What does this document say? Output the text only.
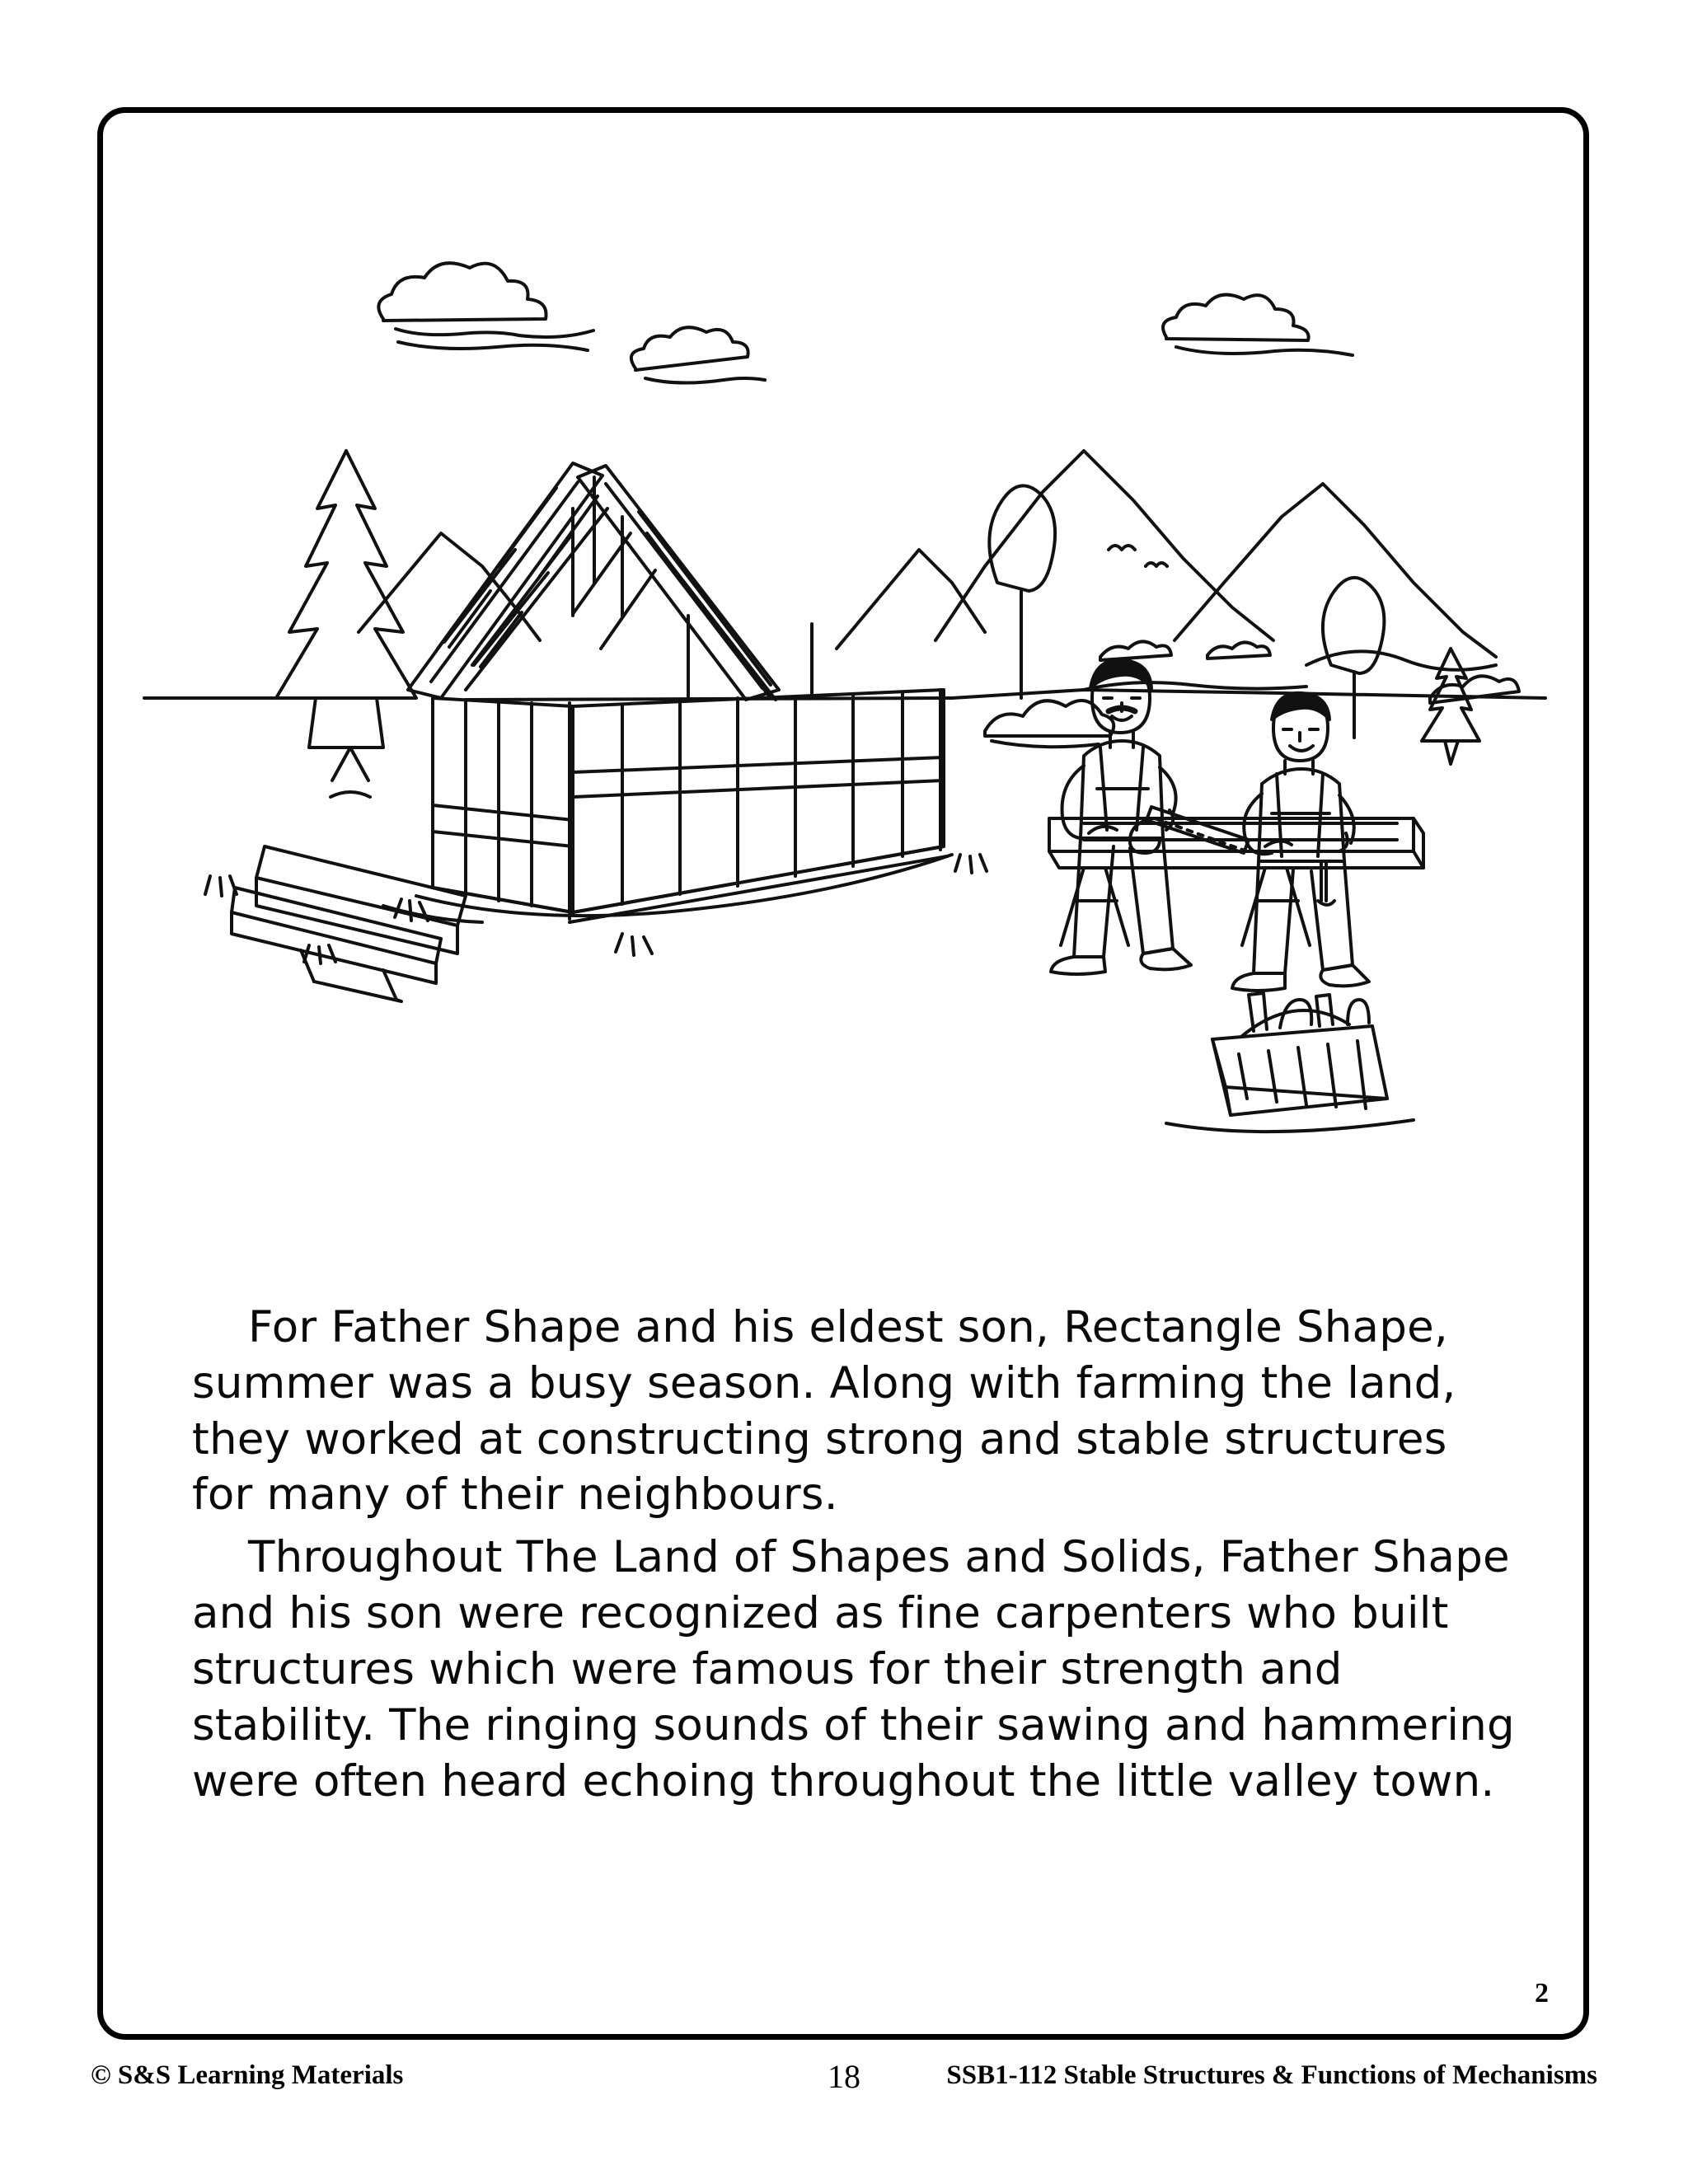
For Father Shape and his eldest son, Rectangle Shape, summer was a busy season. Along with farming the land, they worked at constructing strong and stable structures for many of their neighbours.

Throughout The Land of Shapes and Solids, Father Shape and his son were recognized as fine carpenters who built structures which were famous for their strength and stability. The ringing sounds of their sawing and hammering were often heard echoing throughout the little valley town.

2
© S&S Learning Materials	18	SSB1-112 Stable Structures & Functions of Mechanisms
